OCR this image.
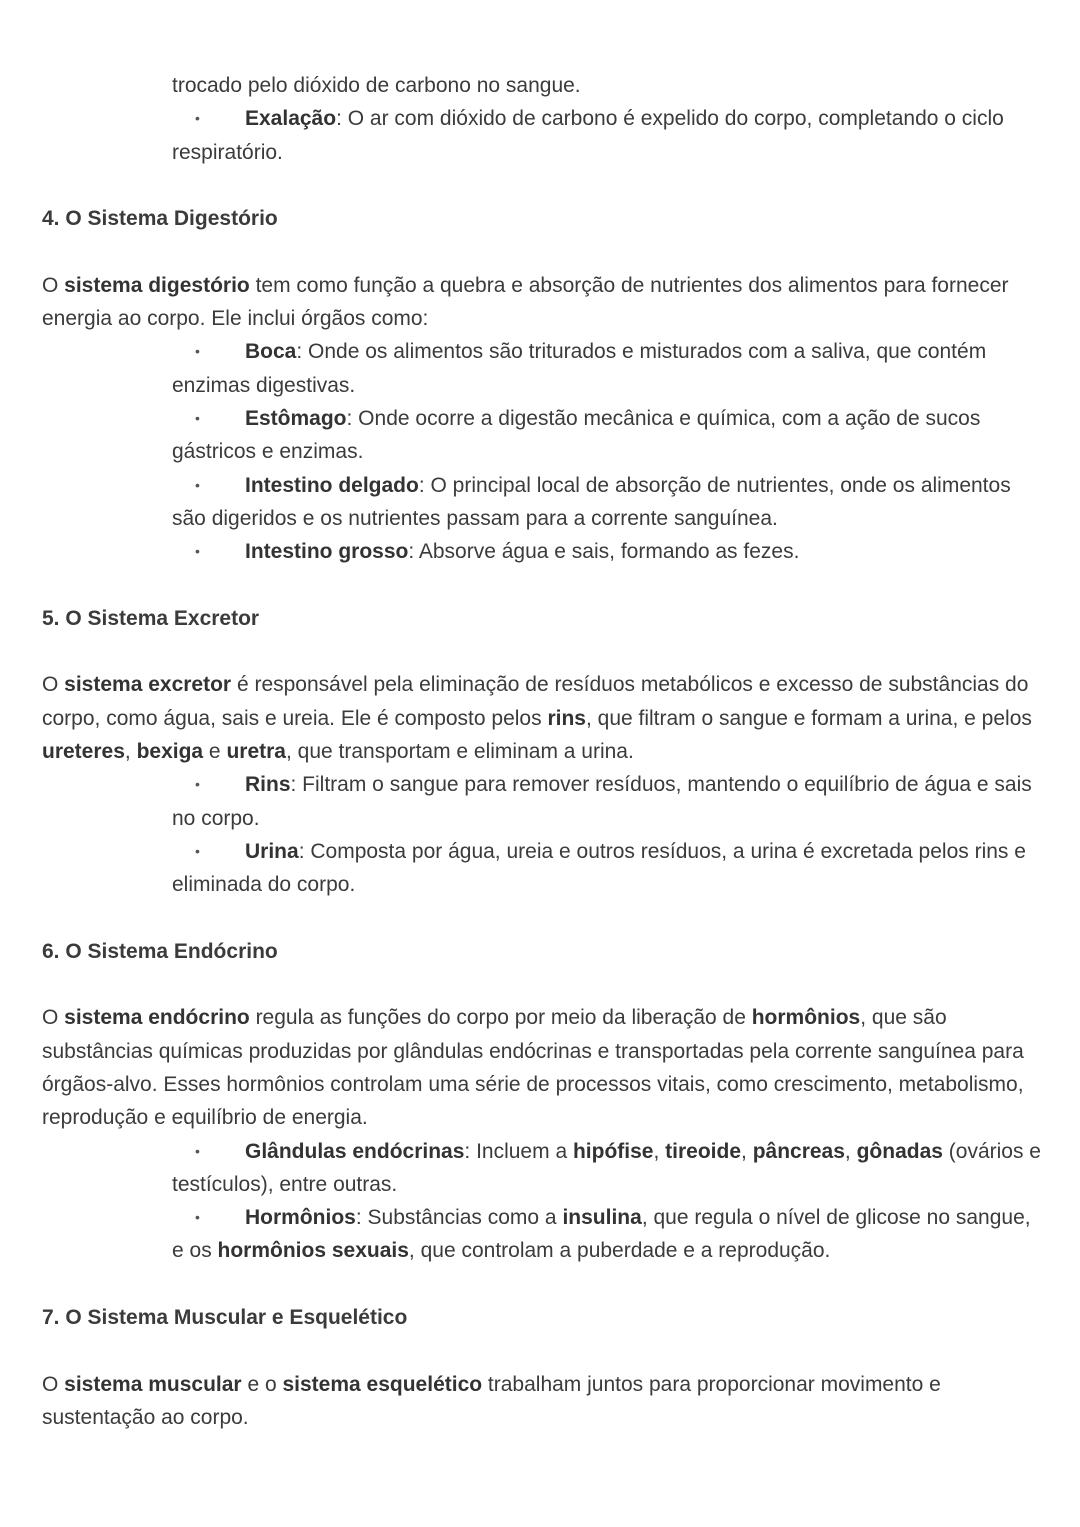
trocado pelo dióxido de carbono no sangue.
• Exalação: O ar com dióxido de carbono é expelido do corpo, completando o ciclo respiratório.
4. O Sistema Digestório
O sistema digestório tem como função a quebra e absorção de nutrientes dos alimentos para fornecer energia ao corpo. Ele inclui órgãos como:
• Boca: Onde os alimentos são triturados e misturados com a saliva, que contém enzimas digestivas.
• Estômago: Onde ocorre a digestão mecânica e química, com a ação de sucos gástricos e enzimas.
• Intestino delgado: O principal local de absorção de nutrientes, onde os alimentos são digeridos e os nutrientes passam para a corrente sanguínea.
• Intestino grosso: Absorve água e sais, formando as fezes.
5. O Sistema Excretor
O sistema excretor é responsável pela eliminação de resíduos metabólicos e excesso de substâncias do corpo, como água, sais e ureia. Ele é composto pelos rins, que filtram o sangue e formam a urina, e pelos ureteres, bexiga e uretra, que transportam e eliminam a urina.
• Rins: Filtram o sangue para remover resíduos, mantendo o equilíbrio de água e sais no corpo.
• Urina: Composta por água, ureia e outros resíduos, a urina é excretada pelos rins e eliminada do corpo.
6. O Sistema Endócrino
O sistema endócrino regula as funções do corpo por meio da liberação de hormônios, que são substâncias químicas produzidas por glândulas endócrinas e transportadas pela corrente sanguínea para órgãos-alvo. Esses hormônios controlam uma série de processos vitais, como crescimento, metabolismo, reprodução e equilíbrio de energia.
• Glândulas endócrinas: Incluem a hipófise, tireoide, pâncreas, gônadas (ovários e testículos), entre outras.
• Hormônios: Substâncias como a insulina, que regula o nível de glicose no sangue, e os hormônios sexuais, que controlam a puberdade e a reprodução.
7. O Sistema Muscular e Esquelético
O sistema muscular e o sistema esquelético trabalham juntos para proporcionar movimento e sustentação ao corpo.
